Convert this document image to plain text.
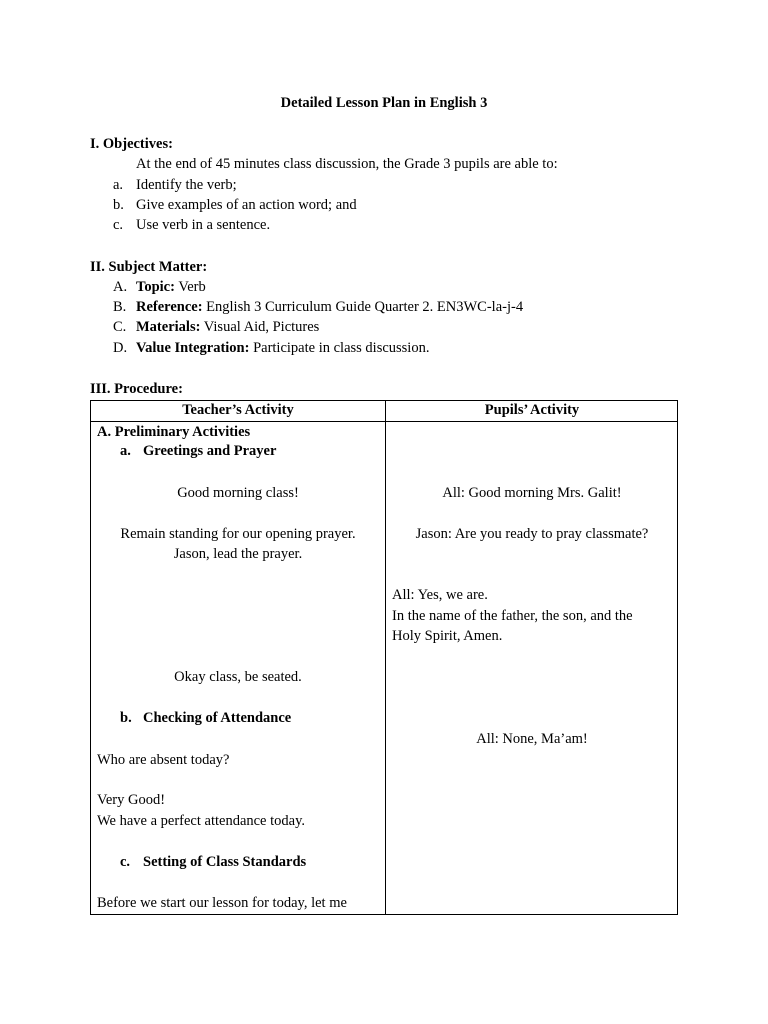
Detailed Lesson Plan in English 3
I. Objectives:
At the end of 45 minutes class discussion, the Grade 3 pupils are able to:
a. Identify the verb;
b. Give examples of an action word; and
c. Use verb in a sentence.
II. Subject Matter:
A. Topic: Verb
B. Reference: English 3 Curriculum Guide Quarter 2. EN3WC-la-j-4
C. Materials: Visual Aid, Pictures
D. Value Integration: Participate in class discussion.
III. Procedure:
Teacher’s Activity	Pupils’ Activity
A. Preliminary Activities
a. Greetings and Prayer
Good morning class!
Remain standing for our opening prayer.
Jason, lead the prayer.
Okay class, be seated.
b. Checking of Attendance
Who are absent today?
Very Good!
We have a perfect attendance today.
c. Setting of Class Standards
Before we start our lesson for today, let me
All: Good morning Mrs. Galit!
Jason: Are you ready to pray classmate?
All: Yes, we are.
In the name of the father, the son, and the
Holy Spirit, Amen.
All: None, Ma’am!
